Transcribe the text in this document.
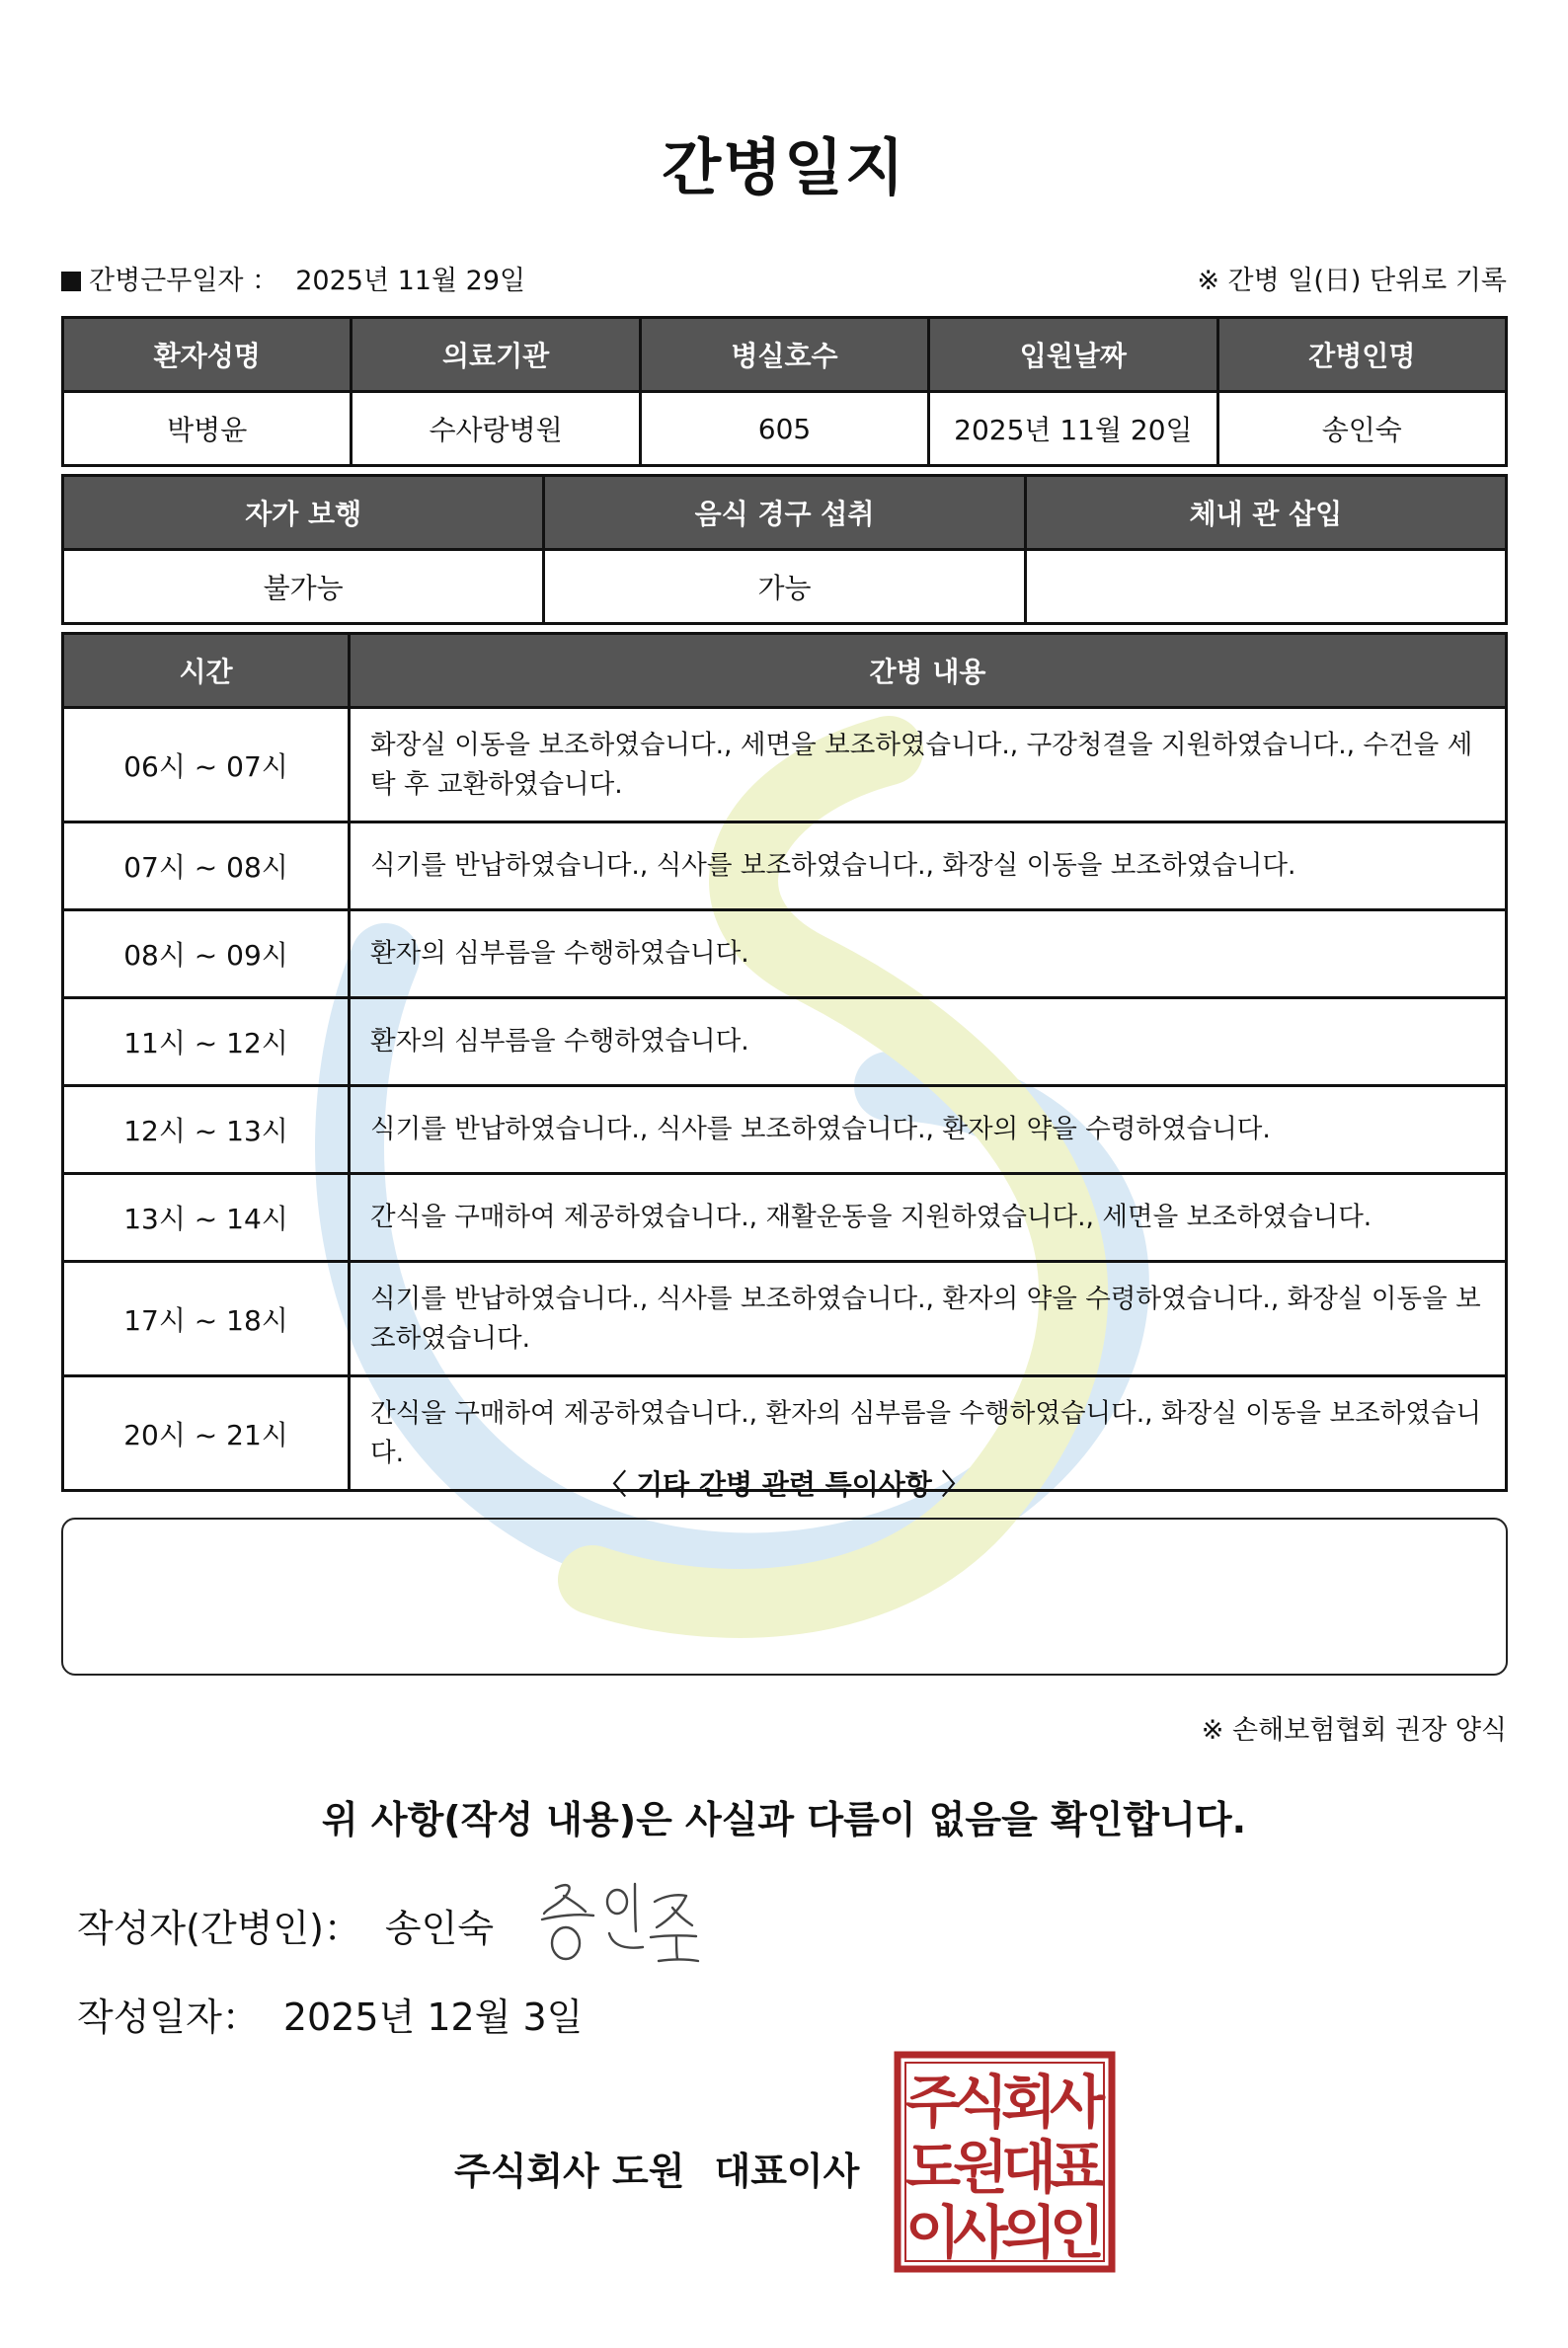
간병일지
간병근무일자 ： 2025년 11월 29일	※ 간병 일(日) 단위로 기록
환자성명	의료기관	병실호수	입원날짜	간병인명
박병윤	수사랑병원	605	2025년 11월 20일	송인숙
자가 보행	음식 경구 섭취	체내 관 삽입
불가능	가능	
시간	간병 내용
06시 ~ 07시	화장실 이동을 보조하였습니다., 세면을 보조하였습니다., 구강청결을 지원하였습니다., 수건을 세탁 후 교환하였습니다.
07시 ~ 08시	식기를 반납하였습니다., 식사를 보조하였습니다., 화장실 이동을 보조하였습니다.
08시 ~ 09시	환자의 심부름을 수행하였습니다.
11시 ~ 12시	환자의 심부름을 수행하였습니다.
12시 ~ 13시	식기를 반납하였습니다., 식사를 보조하였습니다., 환자의 약을 수령하였습니다.
13시 ~ 14시	간식을 구매하여 제공하였습니다., 재활운동을 지원하였습니다., 세면을 보조하였습니다.
17시 ~ 18시	식기를 반납하였습니다., 식사를 보조하였습니다., 환자의 약을 수령하였습니다., 화장실 이동을 보조하였습니다.
20시 ~ 21시	간식을 구매하여 제공하였습니다., 환자의 심부름을 수행하였습니다., 화장실 이동을 보조하였습니다.
〈 기타 간병 관련 특이사항 〉
※ 손해보험협회 권장 양식
위 사항(작성 내용)은 사실과 다름이 없음을 확인합니다.
작성자(간병인)： 송인숙
작성일자： 2025년 12월 3일
주식회사 도원 대표이사
주
식
회
사
도
원
대
표
이
사
의
인
